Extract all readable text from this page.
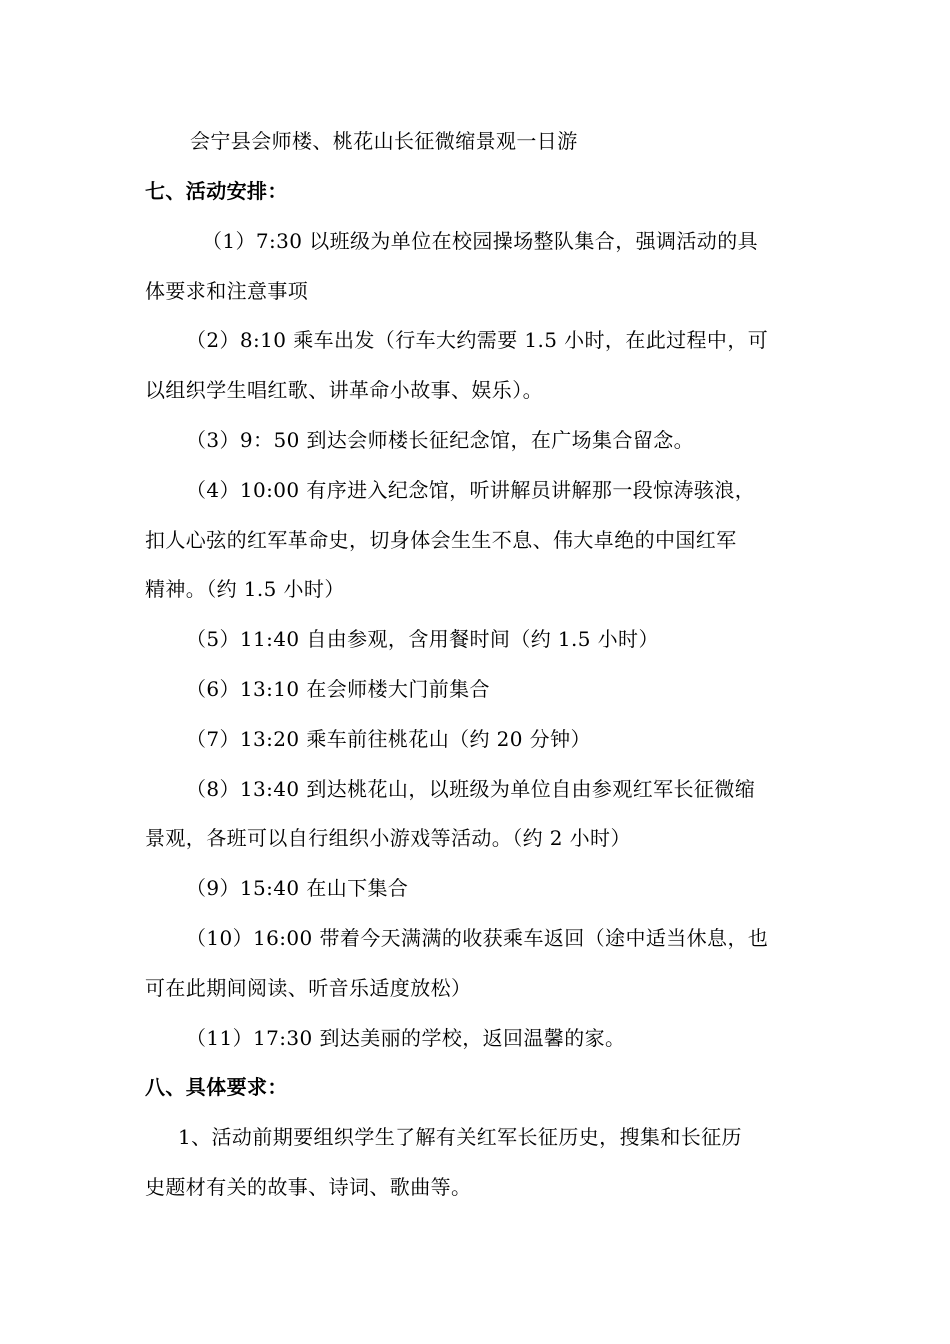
会宁县会师楼、桃花山长征微缩景观一日游
七、活动安排：
（1）7:30 以班级为单位在校园操场整队集合，强调活动的具
体要求和注意事项
（2）8:10 乘车出发（行车大约需要 1.5 小时，在此过程中，可
以组织学生唱红歌、讲革命小故事、娱乐）。
（3）9：50 到达会师楼长征纪念馆，在广场集合留念。
（4）10:00 有序进入纪念馆，听讲解员讲解那一段惊涛骇浪，
扣人心弦的红军革命史，切身体会生生不息、伟大卓绝的中国红军
精神。（约 1.5 小时）
（5）11:40 自由参观，含用餐时间（约 1.5 小时）
（6）13:10 在会师楼大门前集合
（7）13:20 乘车前往桃花山（约 20 分钟）
（8）13:40 到达桃花山，以班级为单位自由参观红军长征微缩
景观，各班可以自行组织小游戏等活动。（约 2 小时）
（9）15:40 在山下集合
（10）16:00 带着今天满满的收获乘车返回（途中适当休息，也
可在此期间阅读、听音乐适度放松）
（11）17:30 到达美丽的学校，返回温馨的家。
八、具体要求：
1、活动前期要组织学生了解有关红军长征历史，搜集和长征历
史题材有关的故事、诗词、歌曲等。
